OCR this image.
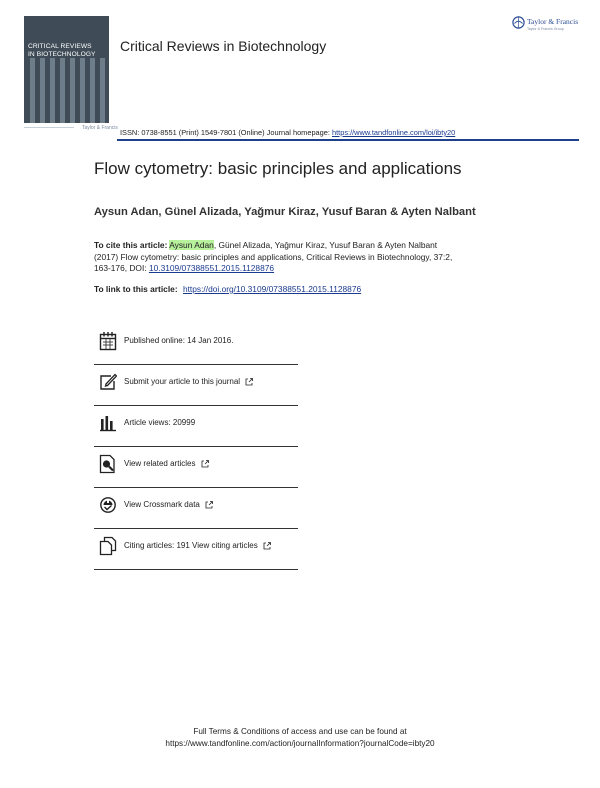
CRITICAL REVIEWS
IN BIOTECHNOLOGY
Taylor & Francis
Critical Reviews in Biotechnology
Taylor & Francis
Taylor & Francis Group
ISSN: 0738-8551 (Print) 1549-7801 (Online) Journal homepage: https://www.tandfonline.com/loi/ibty20
Flow cytometry: basic principles and applications
Aysun Adan, Günel Alizada, Yağmur Kiraz, Yusuf Baran & Ayten Nalbant
To cite this article: Aysun Adan, Günel Alizada, Yağmur Kiraz, Yusuf Baran & Ayten Nalbant
(2017) Flow cytometry: basic principles and applications, Critical Reviews in Biotechnology, 37:2,
163-176, DOI: 10.3109/07388551.2015.1128876
To link to this article: https://doi.org/10.3109/07388551.2015.1128876
Published online: 14 Jan 2016.
Submit your article to this journal
Article views: 20999
View related articles
View Crossmark data
Citing articles: 191 View citing articles
Full Terms & Conditions of access and use can be found at
https://www.tandfonline.com/action/journalInformation?journalCode=ibty20
